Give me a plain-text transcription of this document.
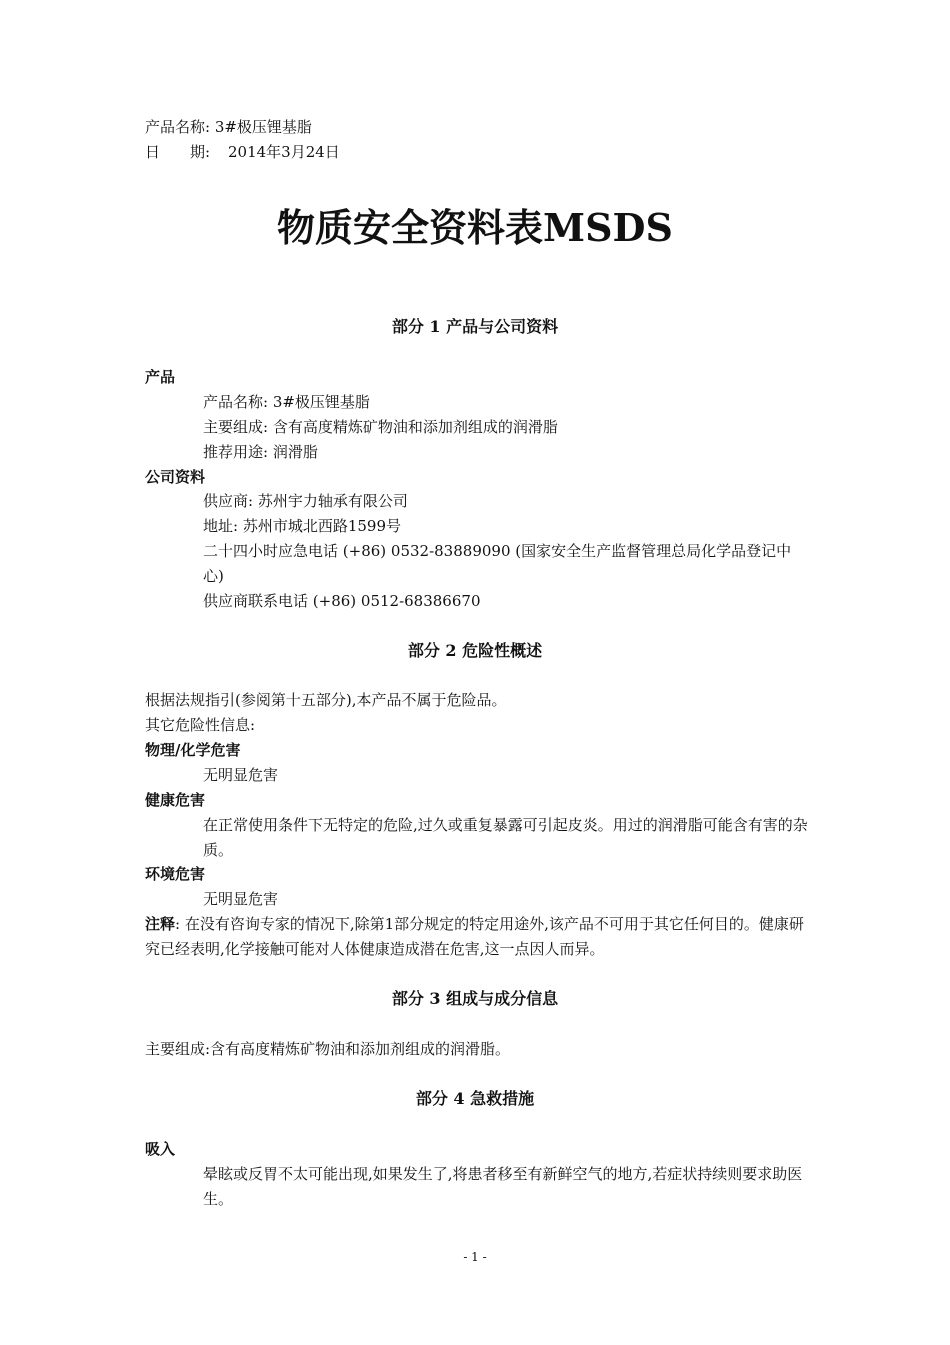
产品名称: 3#极压锂基脂
日　　期: 2014年3月24日
物质安全资料表MSDS
部分 1 产品与公司资料
产品
产品名称: 3#极压锂基脂
主要组成: 含有高度精炼矿物油和添加剂组成的润滑脂
推荐用途: 润滑脂
公司资料
供应商: 苏州宇力轴承有限公司
地址: 苏州市城北西路1599号
二十四小时应急电话 (+86) 0532-83889090 (国家安全生产监督管理总局化学品登记中心)
供应商联系电话 (+86) 0512-68386670
部分 2 危险性概述
根据法规指引(参阅第十五部分),本产品不属于危险品。
其它危险性信息:
物理/化学危害
无明显危害
健康危害
在正常使用条件下无特定的危险,过久或重复暴露可引起皮炎。用过的润滑脂可能含有害的杂质。
环境危害
无明显危害
注释: 在没有咨询专家的情况下,除第1部分规定的特定用途外,该产品不可用于其它任何目的。健康研究已经表明,化学接触可能对人体健康造成潜在危害,这一点因人而异。
部分 3 组成与成分信息
主要组成:含有高度精炼矿物油和添加剂组成的润滑脂。
部分 4 急救措施
吸入
晕眩或反胃不太可能出现,如果发生了,将患者移至有新鲜空气的地方,若症状持续则要求助医生。
- 1 -
